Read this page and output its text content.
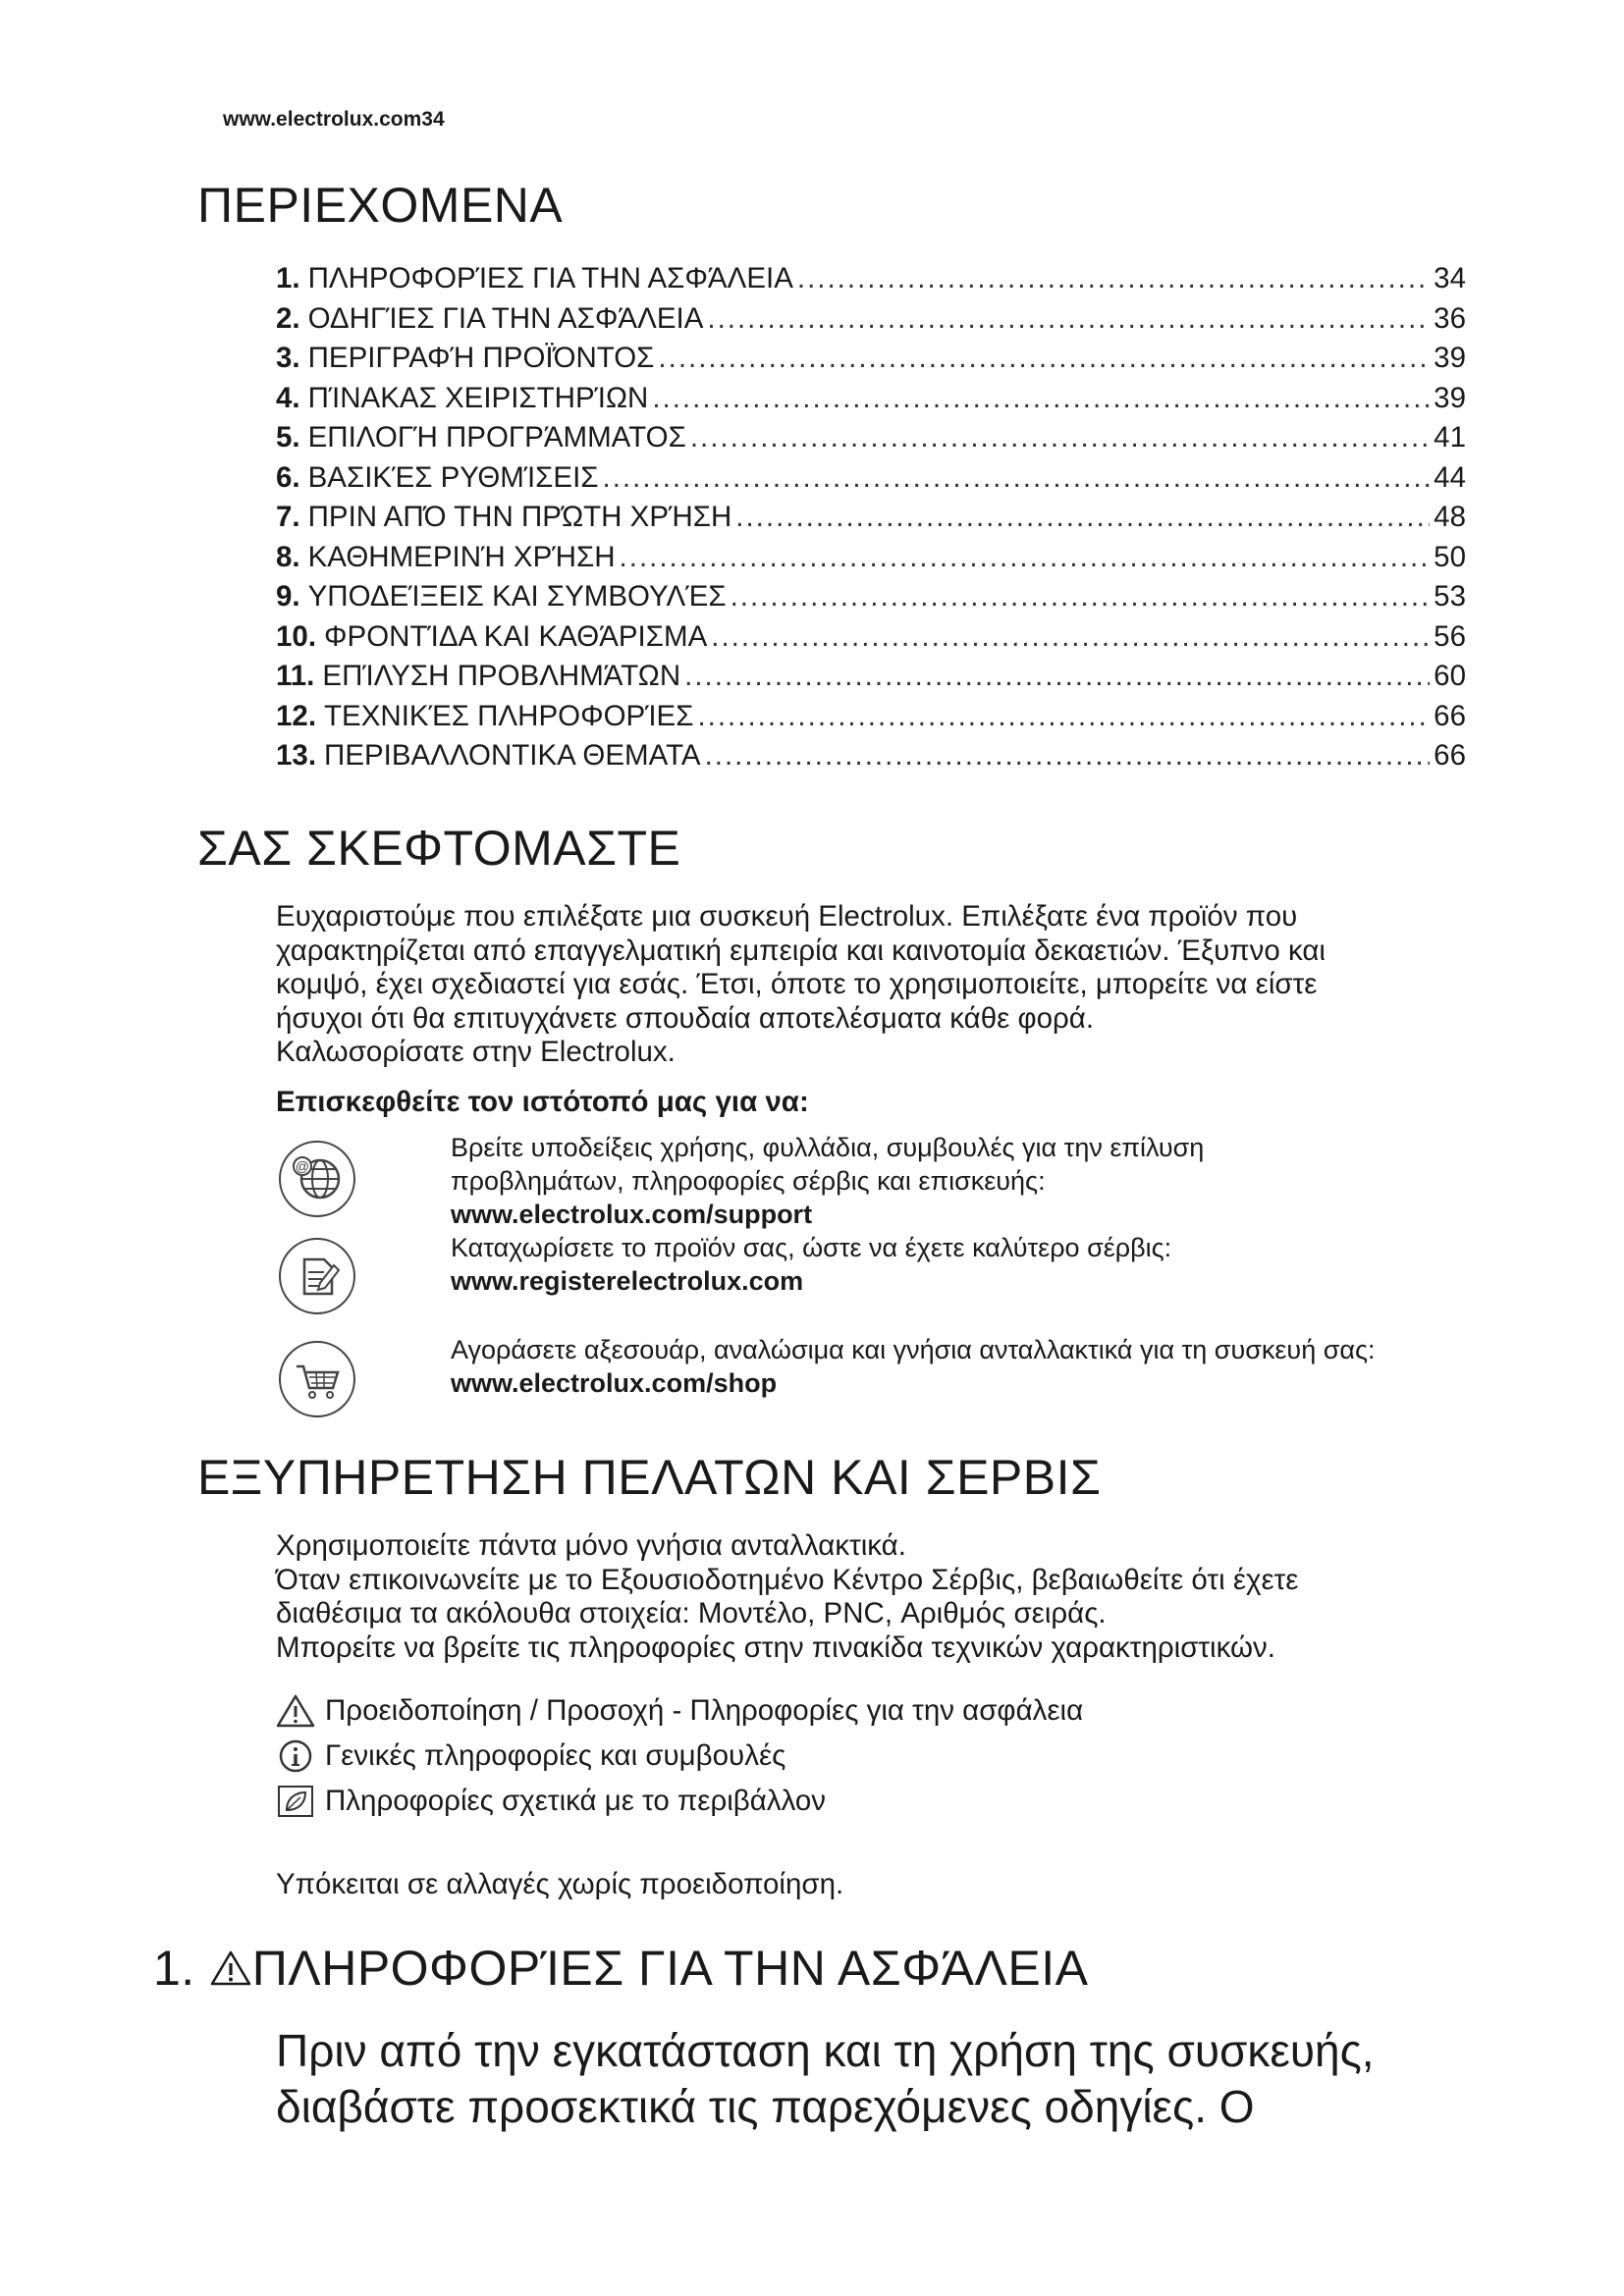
www.electrolux.com34
ΠΕΡΙΕΧΟΜΕΝΑ
1. ΠΛΗΡΟΦΟΡΊΕΣ ΓΙΑ ΤΗΝ ΑΣΦΆΛΕΙΑ .....	34
2. ΟΔΗΓΊΕΣ ΓΙΑ ΤΗΝ ΑΣΦΆΛΕΙΑ .....	36
3. ΠΕΡΙΓΡΑΦΉ ΠΡΟΪΌΝΤΟΣ .....	39
4. ΠΊΝΑΚΑΣ ΧΕΙΡΙΣΤΗΡΊΩΝ .....	39
5. ΕΠΙΛΟΓΉ ΠΡΟΓΡΆΜΜΑΤΟΣ .....	41
6. ΒΑΣΙΚΈΣ ΡΥΘΜΊΣΕΙΣ .....	44
7. ΠΡΙΝ ΑΠΌ ΤΗΝ ΠΡΏΤΗ ΧΡΉΣΗ .....	48
8. ΚΑΘΗΜΕΡΙΝΉ ΧΡΉΣΗ .....	50
9. ΥΠΟΔΕΊΞΕΙΣ ΚΑΙ ΣΥΜΒΟΥΛΈΣ .....	53
10. ΦΡΟΝΤΊΔΑ ΚΑΙ ΚΑΘΆΡΙΣΜΑ .....	56
11. ΕΠΊΛΥΣΗ ΠΡΟΒΛΗΜΆΤΩΝ .....	60
12. ΤΕΧΝΙΚΈΣ ΠΛΗΡΟΦΟΡΊΕΣ .....	66
13. ΠΕΡΙΒΑΛΛΟΝΤΙΚΑ ΘΕΜΑΤΑ .....	66
ΣΑΣ ΣΚΕΦΤΟΜΑΣΤΕ
Ευχαριστούμε που επιλέξατε μια συσκευή Electrolux. Επιλέξατε ένα προϊόν που
χαρακτηρίζεται από επαγγελματική εμπειρία και καινοτομία δεκαετιών. Έξυπνο και
κομψό, έχει σχεδιαστεί για εσάς. Έτσι, όποτε το χρησιμοποιείτε, μπορείτε να είστε
ήσυχοι ότι θα επιτυγχάνετε σπουδαία αποτελέσματα κάθε φορά.
Καλωσορίσατε στην Electrolux.
Επισκεφθείτε τον ιστότοπό μας για να:
@
Βρείτε υποδείξεις χρήσης, φυλλάδια, συμβουλές για την επίλυση
προβλημάτων, πληροφορίες σέρβις και επισκευής:
www.electrolux.com/support
Καταχωρίσετε το προϊόν σας, ώστε να έχετε καλύτερο σέρβις:
www.registerelectrolux.com
Αγοράσετε αξεσουάρ, αναλώσιμα και γνήσια ανταλλακτικά για τη συσκευή σας:
www.electrolux.com/shop
ΕΞΥΠΗΡΕΤΗΣΗ ΠΕΛΑΤΩΝ ΚΑΙ ΣΕΡΒΙΣ
Χρησιμοποιείτε πάντα μόνο γνήσια ανταλλακτικά.
Όταν επικοινωνείτε με το Εξουσιοδοτημένο Κέντρο Σέρβις, βεβαιωθείτε ότι έχετε
διαθέσιμα τα ακόλουθα στοιχεία: Μοντέλο, PNC, Αριθμός σειράς.
Μπορείτε να βρείτε τις πληροφορίες στην πινακίδα τεχνικών χαρακτηριστικών.
Προειδοποίηση / Προσοχή - Πληροφορίες για την ασφάλεια
Γενικές πληροφορίες και συμβουλές
Πληροφορίες σχετικά με το περιβάλλον
Υπόκειται σε αλλαγές χωρίς προειδοποίηση.
1. ΠΛΗΡΟΦΟΡΊΕΣ ΓΙΑ ΤΗΝ ΑΣΦΆΛΕΙΑ
Πριν από την εγκατάσταση και τη χρήση της συσκευής,
διαβάστε προσεκτικά τις παρεχόμενες οδηγίες. Ο
